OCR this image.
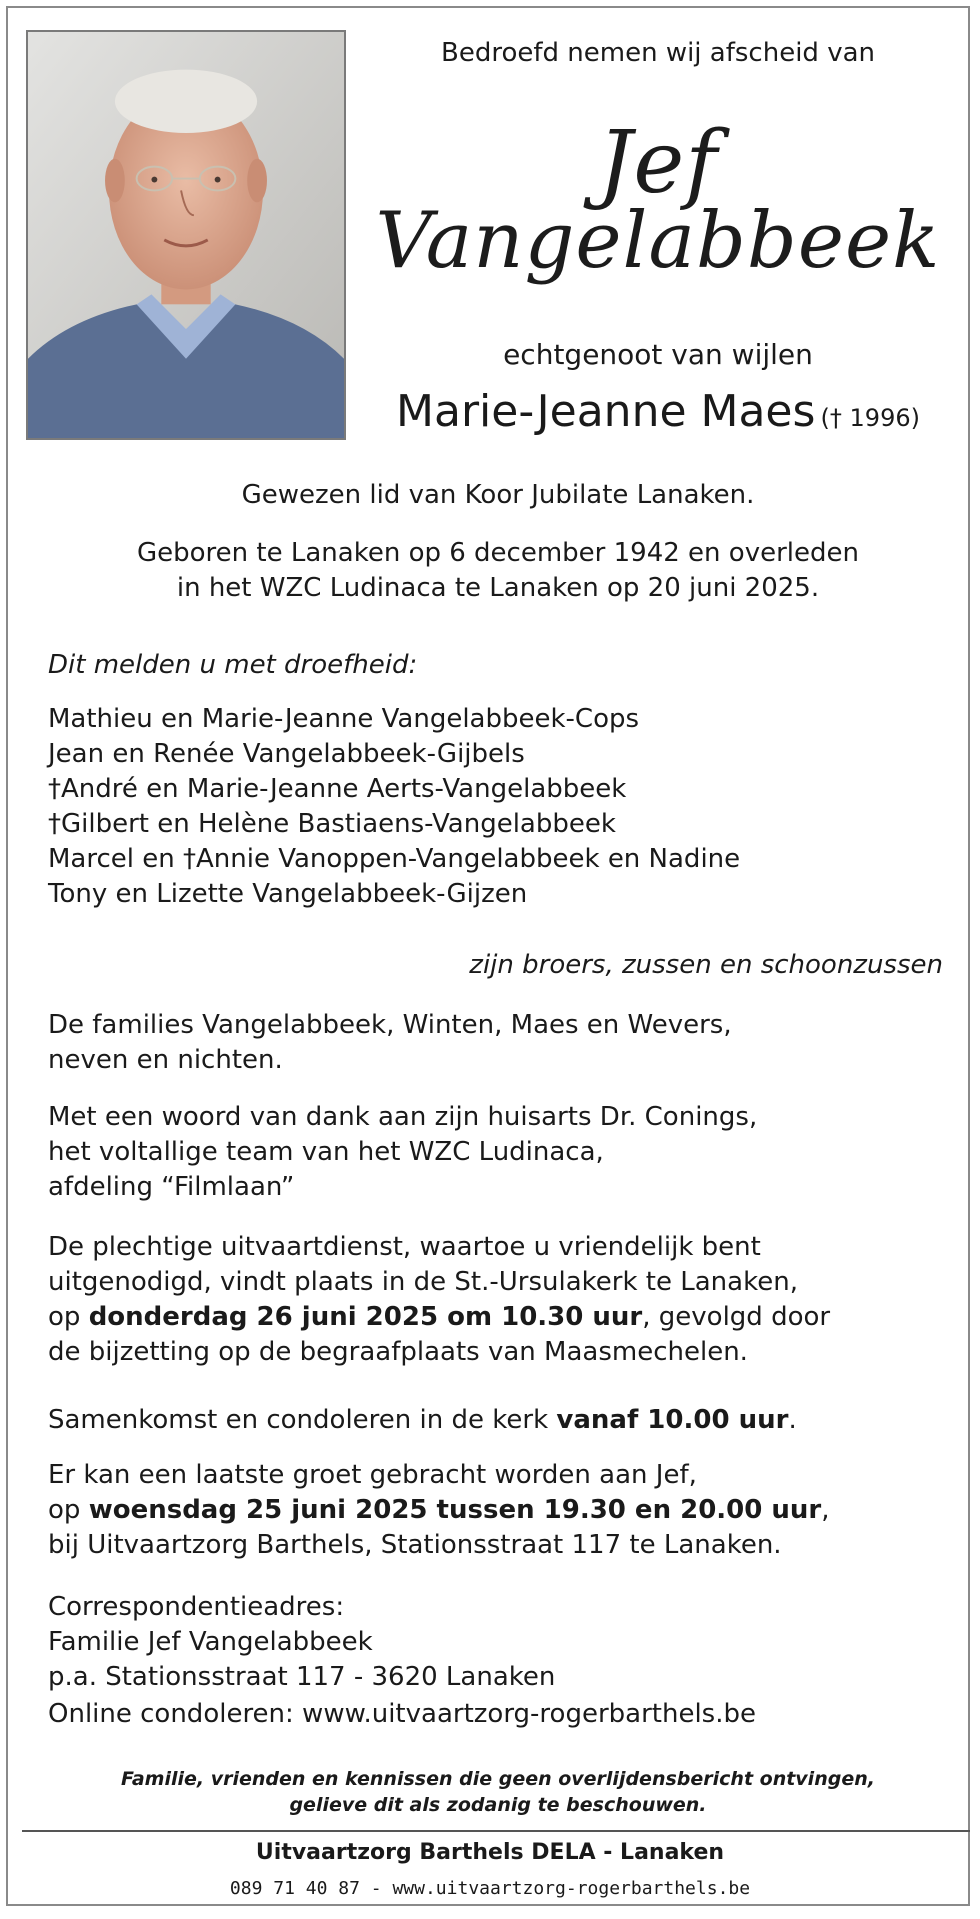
Bedroefd nemen wij afscheid van
Jef
Vangelabbeek
echtgenoot van wijlen
Marie-Jeanne Maes († 1996)
Gewezen lid van Koor Jubilate Lanaken.
Geboren te Lanaken op 6 december 1942 en overleden
in het WZC Ludinaca te Lanaken op 20 juni 2025.
Dit melden u met droefheid:
Mathieu en Marie-Jeanne Vangelabbeek-Cops
Jean en Renée Vangelabbeek-Gijbels
†André en Marie-Jeanne Aerts-Vangelabbeek
†Gilbert en Helène Bastiaens-Vangelabbeek
Marcel en †Annie Vanoppen-Vangelabbeek en Nadine
Tony en Lizette Vangelabbeek-Gijzen
zijn broers, zussen en schoonzussen
De families Vangelabbeek, Winten, Maes en Wevers,
neven en nichten.
Met een woord van dank aan zijn huisarts Dr. Conings,
het voltallige team van het WZC Ludinaca,
afdeling “Filmlaan”
De plechtige uitvaartdienst, waartoe u vriendelijk bent
uitgenodigd, vindt plaats in de St.-Ursulakerk te Lanaken,
op donderdag 26 juni 2025 om 10.30 uur, gevolgd door
de bijzetting op de begraafplaats van Maasmechelen.
Samenkomst en condoleren in de kerk vanaf 10.00 uur.
Er kan een laatste groet gebracht worden aan Jef,
op woensdag 25 juni 2025 tussen 19.30 en 20.00 uur,
bij Uitvaartzorg Barthels, Stationsstraat 117 te Lanaken.
Correspondentieadres:
Familie Jef Vangelabbeek
p.a. Stationsstraat 117 - 3620 Lanaken
Online condoleren: www.uitvaartzorg-rogerbarthels.be
Familie, vrienden en kennissen die geen overlijdensbericht ontvingen,
gelieve dit als zodanig te beschouwen.
Uitvaartzorg Barthels DELA - Lanaken
089 71 40 87 - www.uitvaartzorg-rogerbarthels.be
